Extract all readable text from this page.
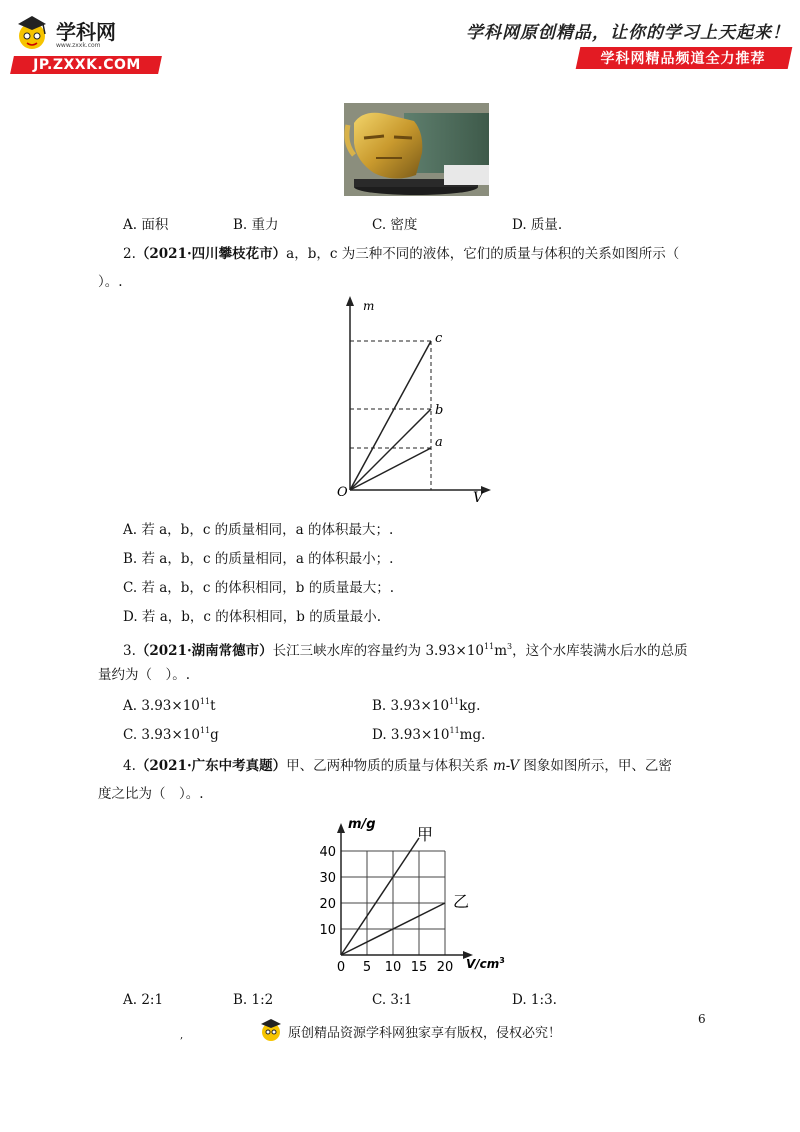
学科网
www.zxxk.com
JP.ZXXK.COM
学科网原创精品，让你的学习上天起来！
学科网精品频道全力推荐
A. 面积	B. 重力	C. 密度	D. 质量.
2.（2021·四川攀枝花市）a，b，c 为三种不同的液体，它们的质量与体积的关系如图所示（
）。.
m
V
O
c
b
a
A. 若 a，b，c 的质量相同，a 的体积最大；.
B. 若 a，b，c 的质量相同，a 的体积最小；.
C. 若 a，b，c 的体积相同，b 的质量最大；.
D. 若 a，b，c 的体积相同，b 的质量最小.
3.（2021·湖南常德市）长江三峡水库的容量约为 $3.93\times 10^{11}m^3$，这个水库装满水后水的总质
量约为（　）。.
A. $3.93\times 10^{11}t$	B. $3.93\times 10^{11}kg$.
C. $3.93\times 10^{11}g$	D. $3.93\times 10^{11}mg$.
4.（2021·广东中考真题）甲、乙两种物质的质量与体积关系 m-V 图象如图所示，甲、乙密
度之比为（　）。.
0 5 10 15 20
10
20
30
40
甲
乙
m/g
$V/cm^3$
A. 2:1	B. 1:2	C. 3:1	D. 1:3.
6
,	原创精品资源学科网独家享有版权，侵权必究！
